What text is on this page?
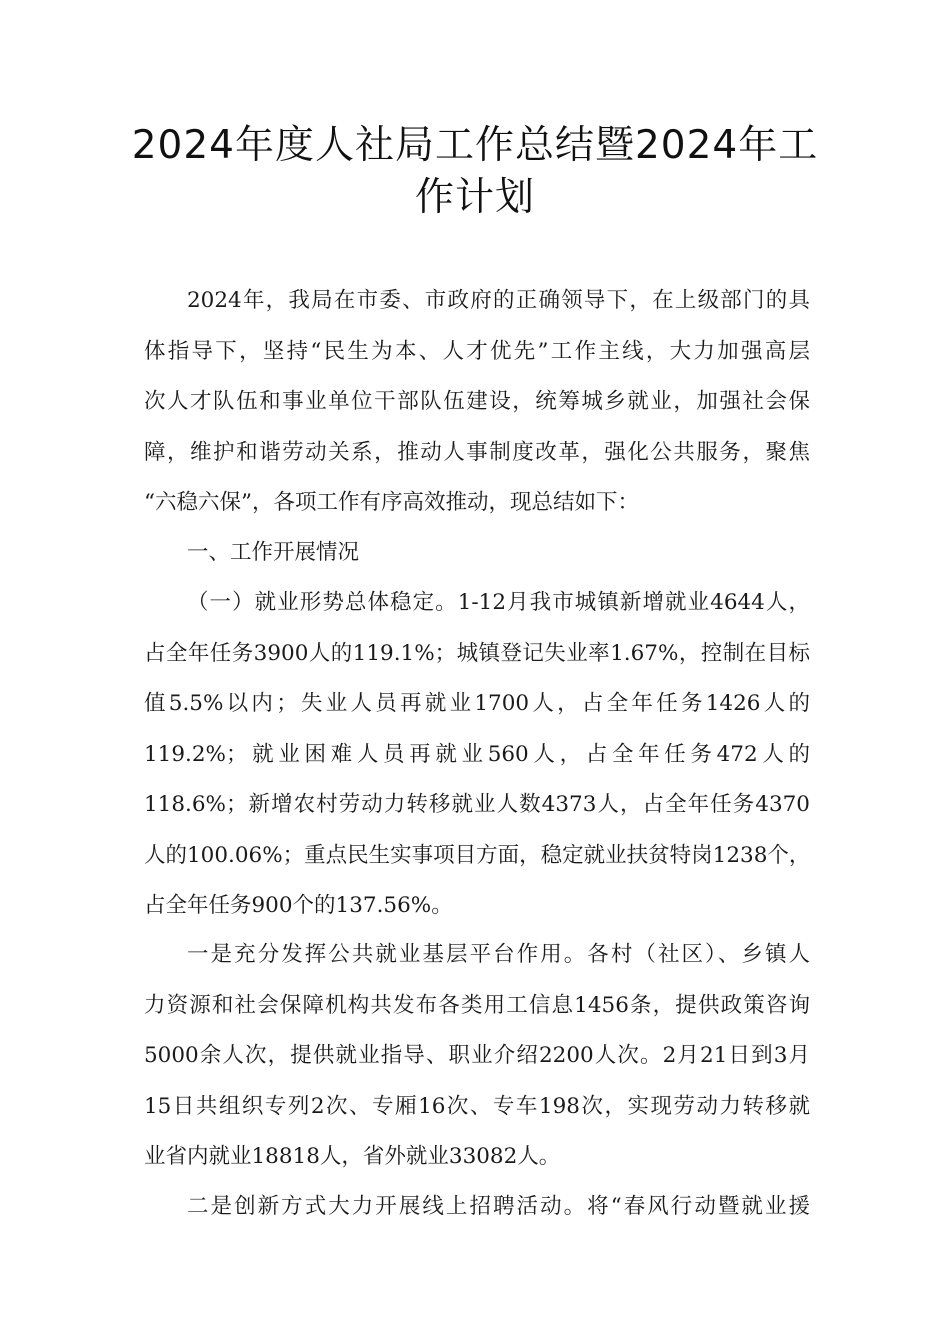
2024年度人社局工作总结暨2024年工
作计划

2024年，我局在市委、市政府的正确领导下，在上级部门的具
体指导下，坚持“民生为本、人才优先”工作主线，大力加强高层
次人才队伍和事业单位干部队伍建设，统筹城乡就业，加强社会保
障，维护和谐劳动关系，推动人事制度改革，强化公共服务，聚焦
“六稳六保”，各项工作有序高效推动，现总结如下：

一、工作开展情况

（一）就业形势总体稳定。1-12月我市城镇新增就业4644人，
占全年任务3900人的119.1%；城镇登记失业率1.67%，控制在目标
值5.5%以内；失业人员再就业1700人，占全年任务1426人的
119.2%；就业困难人员再就业560人，占全年任务472人的
118.6%；新增农村劳动力转移就业人数4373人，占全年任务4370
人的100.06%；重点民生实事项目方面，稳定就业扶贫特岗1238个，
占全年任务900个的137.56%。

一是充分发挥公共就业基层平台作用。各村（社区）、乡镇人
力资源和社会保障机构共发布各类用工信息1456条，提供政策咨询
5000余人次，提供就业指导、职业介绍2200人次。2月21日到3月
15日共组织专列2次、专厢16次、专车198次，实现劳动力转移就
业省内就业18818人，省外就业33082人。

二是创新方式大力开展线上招聘活动。将“春风行动暨就业援
